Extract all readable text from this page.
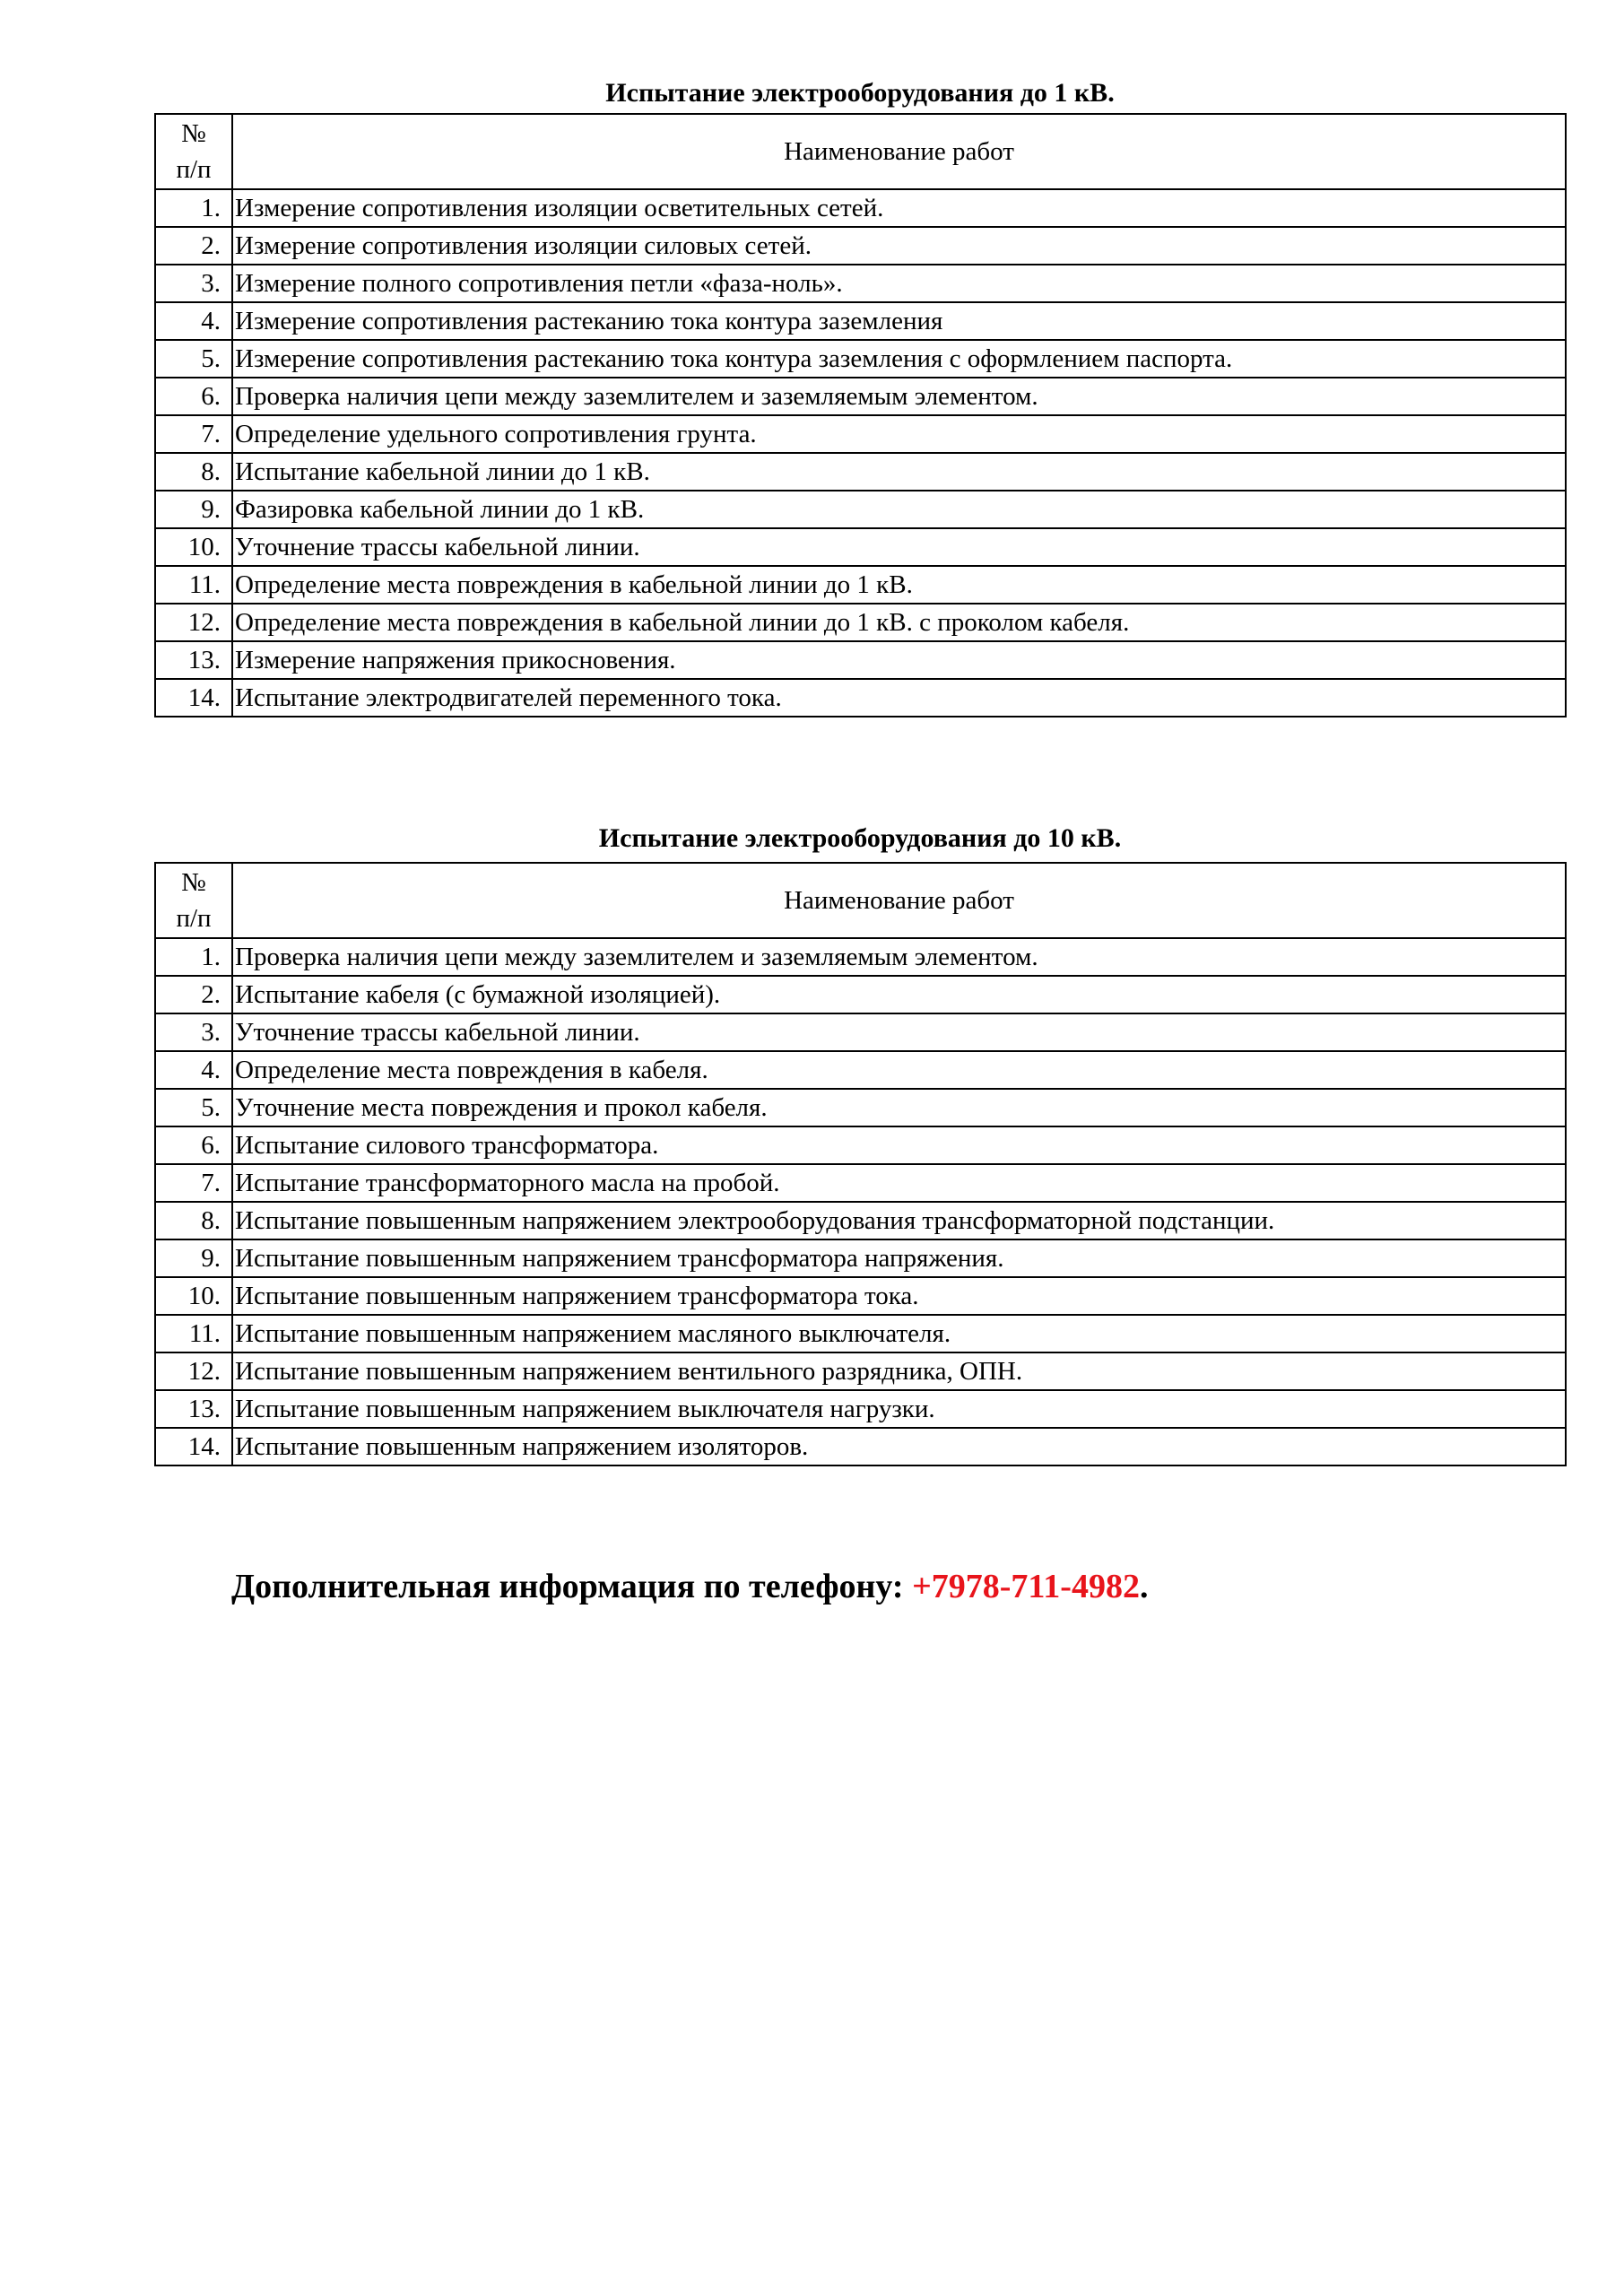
Испытание электрооборудования до 1 кВ.
№
п/п	Наименование работ
1.	Измерение сопротивления изоляции осветительных сетей.
2.	Измерение сопротивления изоляции силовых сетей.
3.	Измерение полного сопротивления петли «фаза-ноль».
4.	Измерение сопротивления растеканию тока контура заземления
5.	Измерение сопротивления растеканию тока контура заземления с оформлением паспорта.
6.	Проверка наличия цепи между заземлителем и заземляемым элементом.
7.	Определение удельного сопротивления грунта.
8.	Испытание кабельной линии до 1 кВ.
9.	Фазировка кабельной линии до 1 кВ.
10.	Уточнение трассы кабельной линии.
11.	Определение места повреждения в кабельной линии до 1 кВ.
12.	Определение места повреждения в кабельной линии до 1 кВ. с проколом кабеля.
13.	Измерение напряжения прикосновения.
14.	Испытание электродвигателей переменного тока.
Испытание электрооборудования до 10 кВ.
№
п/п	Наименование работ
1.	Проверка наличия цепи между заземлителем и заземляемым элементом.
2.	Испытание кабеля (с бумажной изоляцией).
3.	Уточнение трассы кабельной линии.
4.	Определение места повреждения в кабеля.
5.	Уточнение места повреждения и прокол кабеля.
6.	Испытание силового трансформатора.
7.	Испытание трансформаторного масла на пробой.
8.	Испытание повышенным напряжением электрооборудования трансформаторной подстанции.
9.	Испытание повышенным напряжением трансформатора напряжения.
10.	Испытание повышенным напряжением трансформатора тока.
11.	Испытание повышенным напряжением масляного выключателя.
12.	Испытание повышенным напряжением вентильного разрядника, ОПН.
13.	Испытание повышенным напряжением выключателя нагрузки.
14.	Испытание повышенным напряжением изоляторов.
Дополнительная информация по телефону: +7978-711-4982.
